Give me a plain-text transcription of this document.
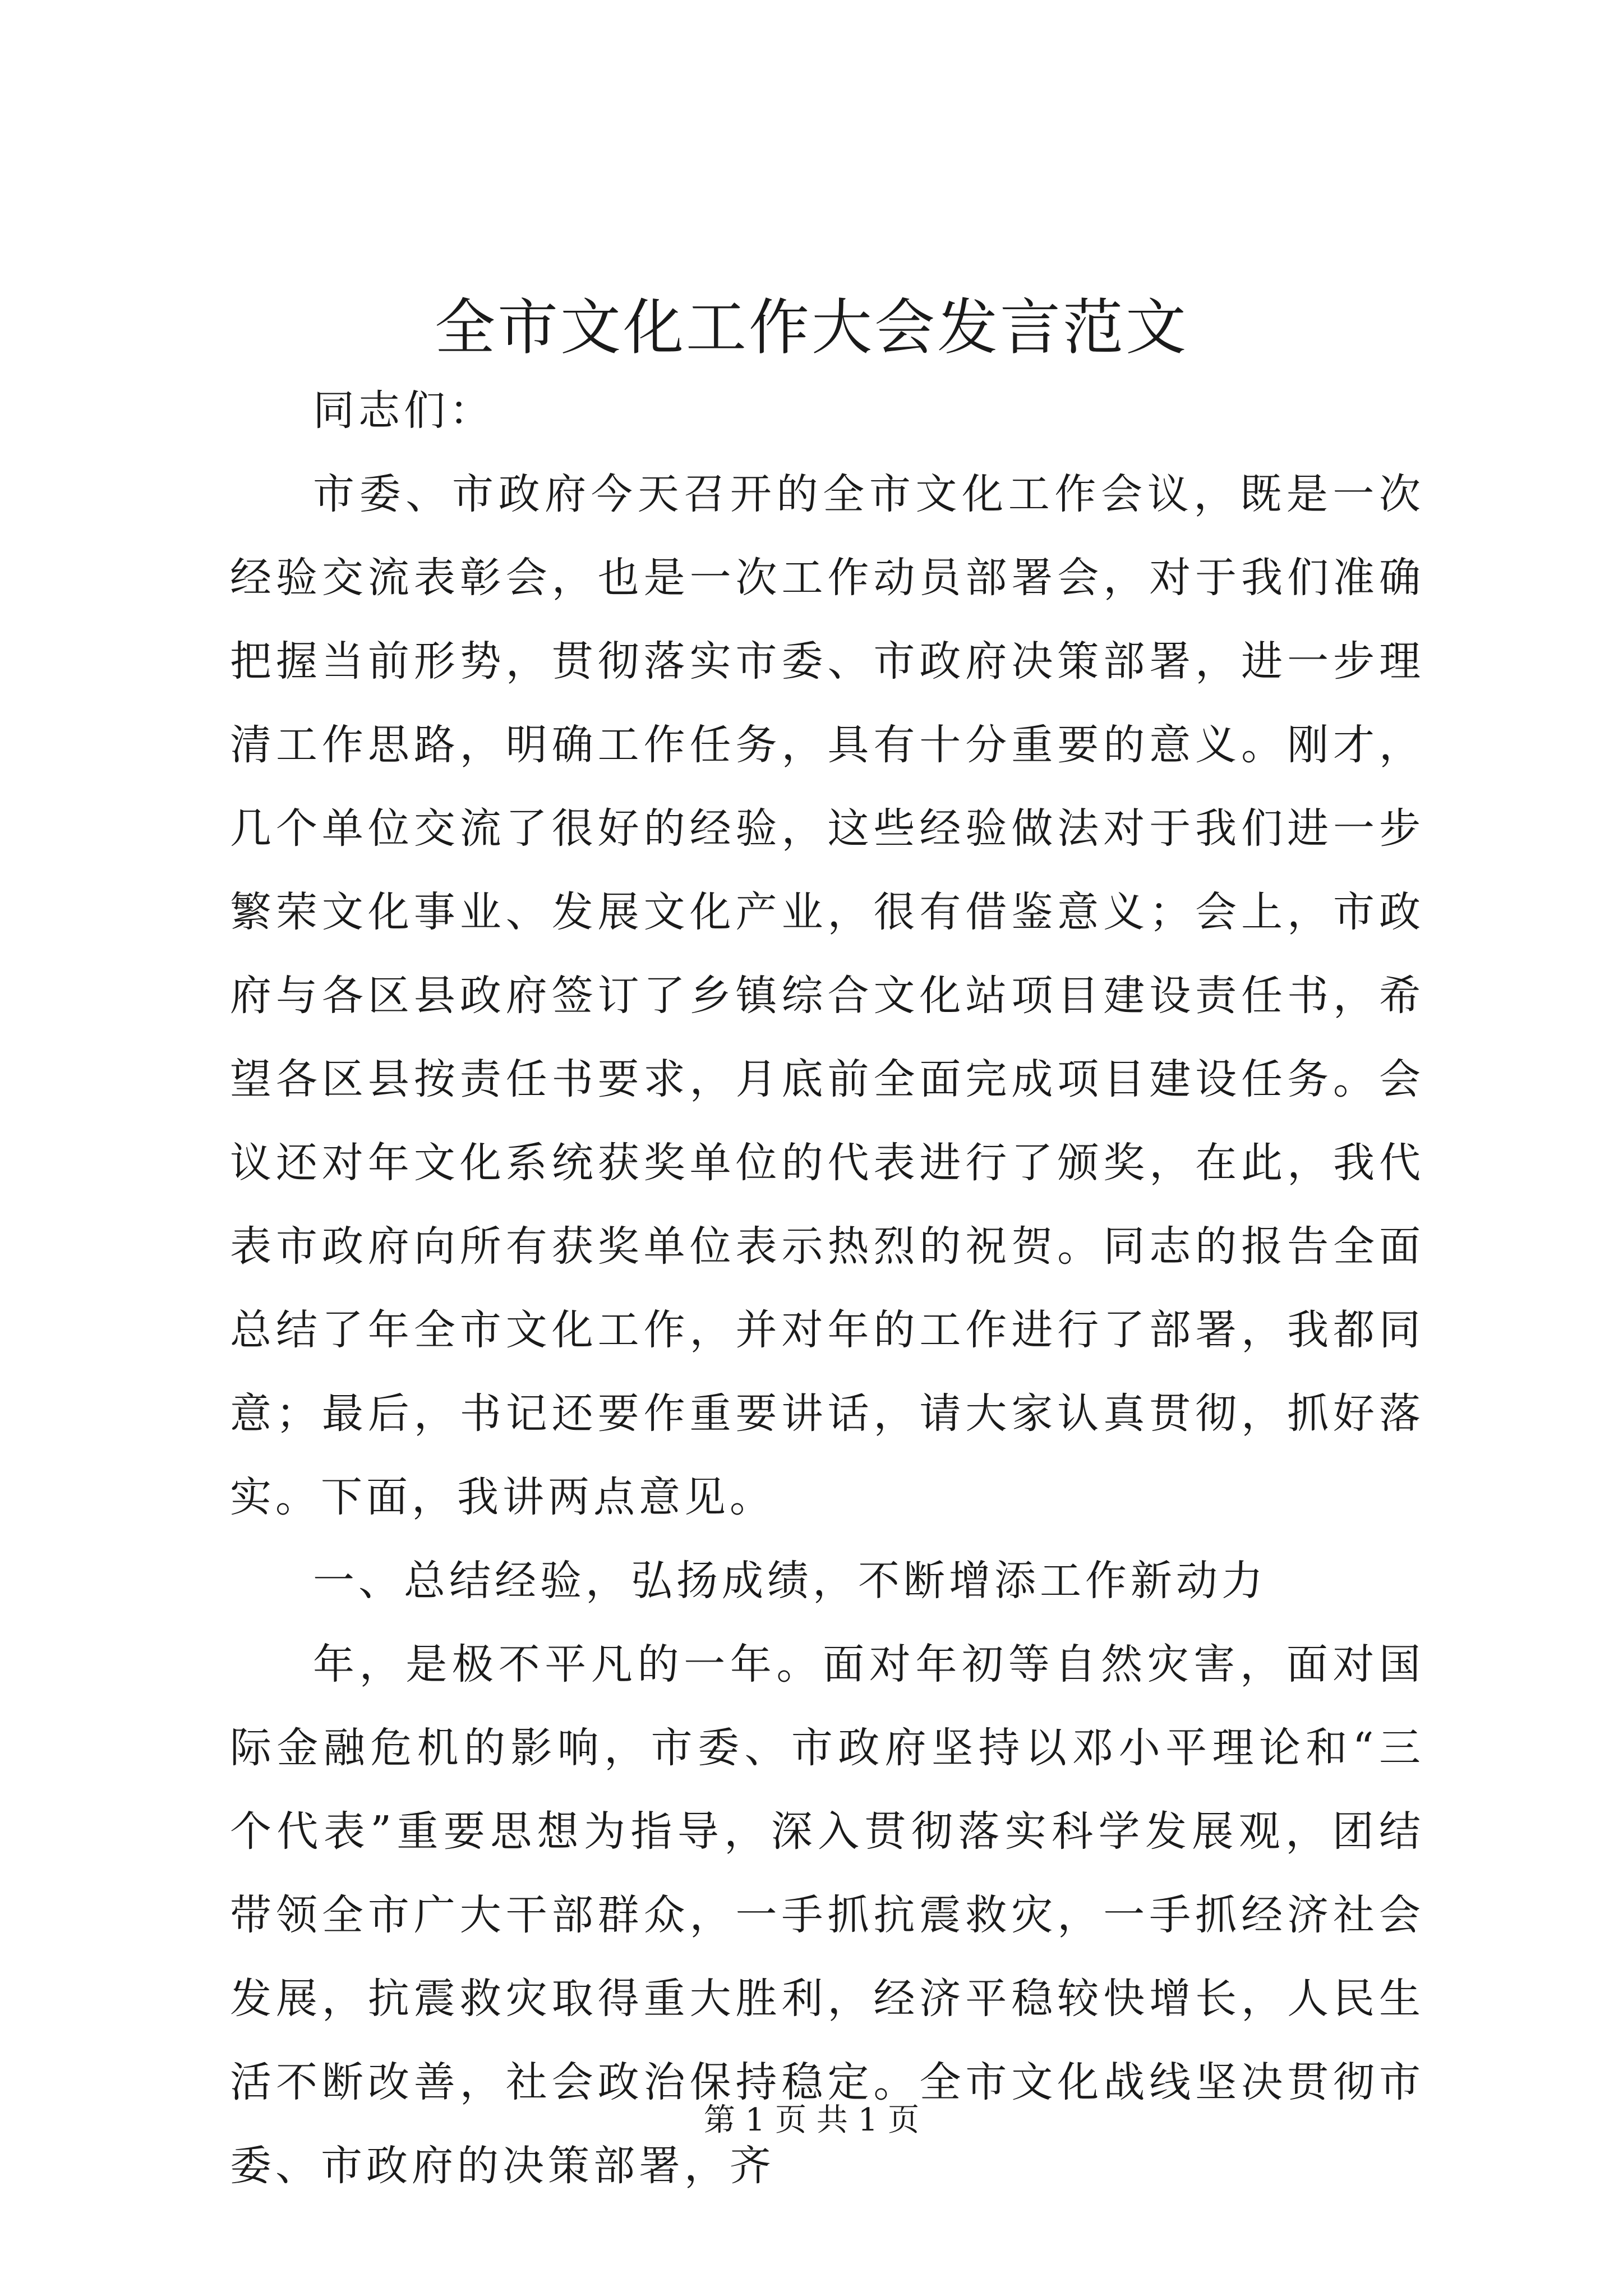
全市文化工作大会发言范文

同志们：

市委、市政府今天召开的全市文化工作会议，既是一次经验交流表彰会，也是一次工作动员部署会，对于我们准确把握当前形势，贯彻落实市委、市政府决策部署，进一步理清工作思路，明确工作任务，具有十分重要的意义。刚才，几个单位交流了很好的经验，这些经验做法对于我们进一步繁荣文化事业、发展文化产业，很有借鉴意义；会上，市政府与各区县政府签订了乡镇综合文化站项目建设责任书，希望各区县按责任书要求，月底前全面完成项目建设任务。会议还对年文化系统获奖单位的代表进行了颁奖，在此，我代表市政府向所有获奖单位表示热烈的祝贺。同志的报告全面总结了年全市文化工作，并对年的工作进行了部署，我都同意；最后，书记还要作重要讲话，请大家认真贯彻，抓好落实。下面，我讲两点意见。

一、总结经验，弘扬成绩，不断增添工作新动力

年，是极不平凡的一年。面对年初等自然灾害，面对国际金融危机的影响，市委、市政府坚持以邓小平理论和“三个代表”重要思想为指导，深入贯彻落实科学发展观，团结带领全市广大干部群众，一手抓抗震救灾，一手抓经济社会发展，抗震救灾取得重大胜利，经济平稳较快增长，人民生活不断改善，社会政治保持稳定。全市文化战线坚决贯彻市委、市政府的决策部署，齐

第 1 页 共 1 页
